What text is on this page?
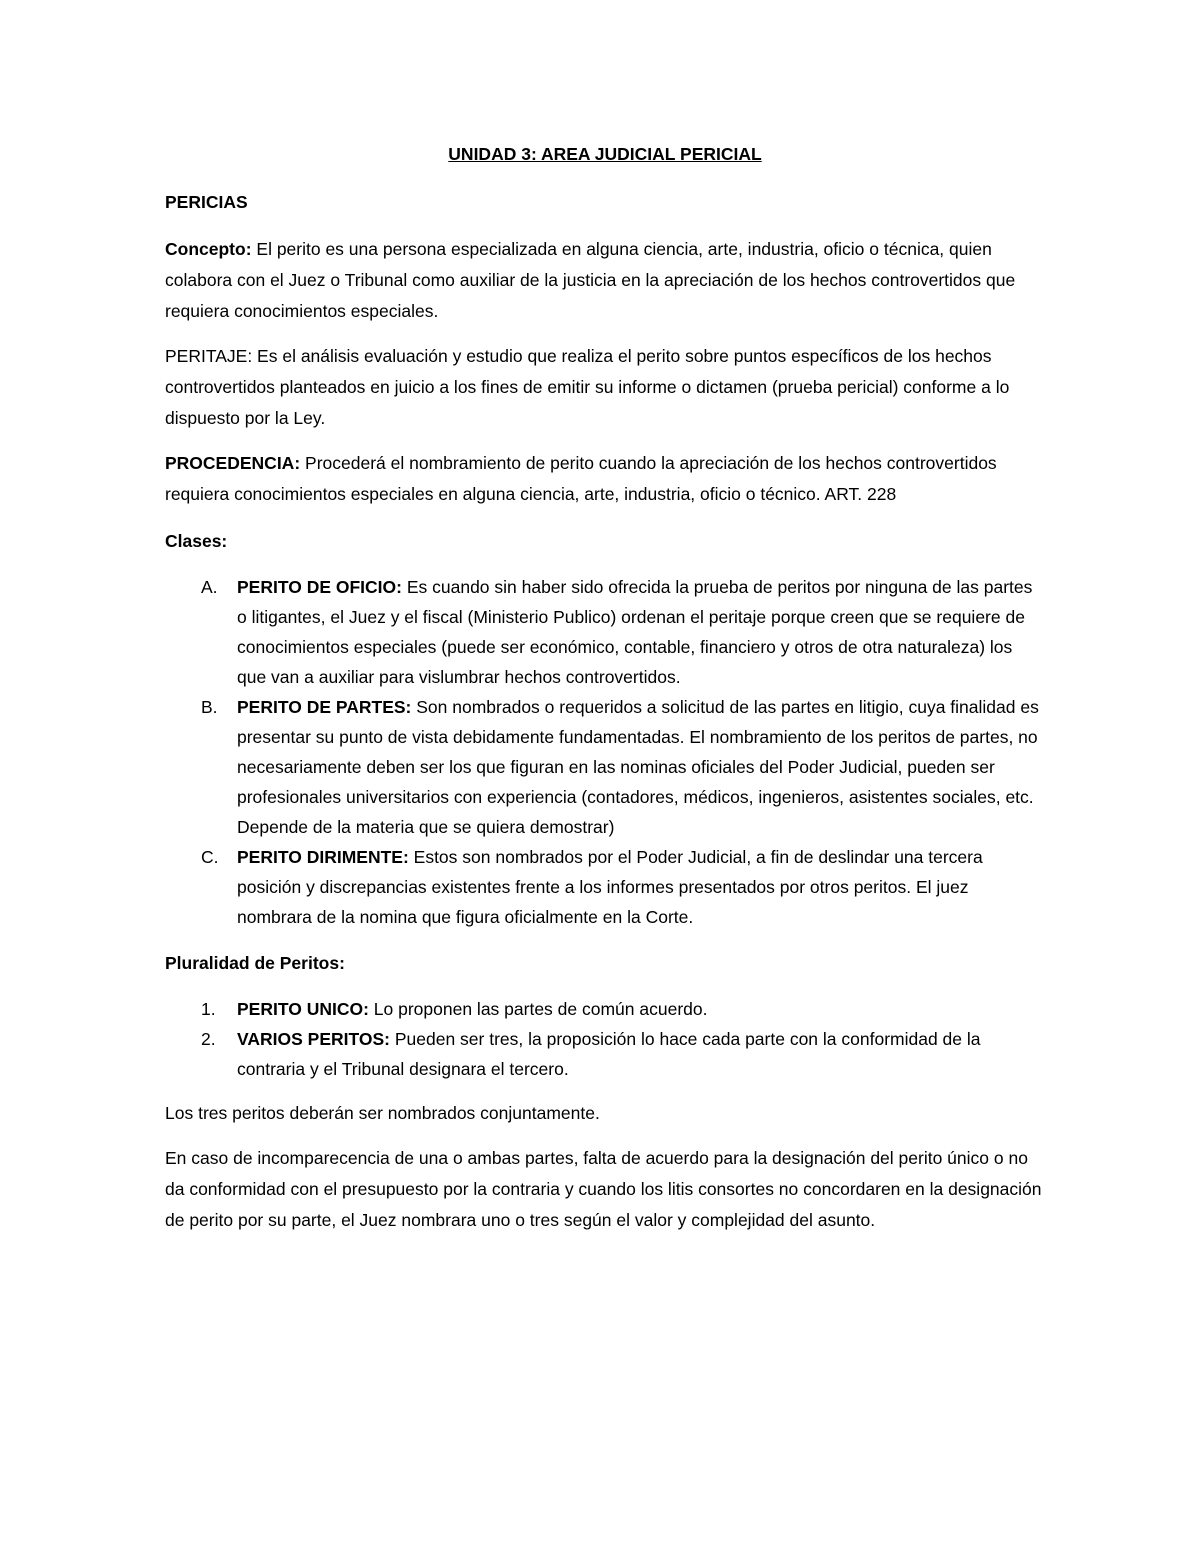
UNIDAD 3: AREA JUDICIAL PERICIAL

PERICIAS

Concepto: El perito es una persona especializada en alguna ciencia, arte, industria, oficio o técnica, quien colabora con el Juez o Tribunal como auxiliar de la justicia en la apreciación de los hechos controvertidos que requiera conocimientos especiales.

PERITAJE: Es el análisis evaluación y estudio que realiza el perito sobre puntos específicos de los hechos controvertidos planteados en juicio a los fines de emitir su informe o dictamen (prueba pericial) conforme a lo dispuesto por la Ley.

PROCEDENCIA: Procederá el nombramiento de perito cuando la apreciación de los hechos controvertidos requiera conocimientos especiales en alguna ciencia, arte, industria, oficio o técnico. ART. 228

Clases:

A. PERITO DE OFICIO: Es cuando sin haber sido ofrecida la prueba de peritos por ninguna de las partes o litigantes, el Juez y el fiscal (Ministerio Publico) ordenan el peritaje porque creen que se requiere de conocimientos especiales (puede ser económico, contable, financiero y otros de otra naturaleza) los que van a auxiliar para vislumbrar hechos controvertidos.
B. PERITO DE PARTES: Son nombrados o requeridos a solicitud de las partes en litigio, cuya finalidad es presentar su punto de vista debidamente fundamentadas. El nombramiento de los peritos de partes, no necesariamente deben ser los que figuran en las nominas oficiales del Poder Judicial, pueden ser profesionales universitarios con experiencia (contadores, médicos, ingenieros, asistentes sociales, etc. Depende de la materia que se quiera demostrar)
C. PERITO DIRIMENTE: Estos son nombrados por el Poder Judicial, a fin de deslindar una tercera posición y discrepancias existentes frente a los informes presentados por otros peritos. El juez nombrara de la nomina que figura oficialmente en la Corte.

Pluralidad de Peritos:

1. PERITO UNICO: Lo proponen las partes de común acuerdo.
2. VARIOS PERITOS: Pueden ser tres, la proposición lo hace cada parte con la conformidad de la contraria y el Tribunal designara el tercero.

Los tres peritos deberán ser nombrados conjuntamente.

En caso de incomparecencia de una o ambas partes, falta de acuerdo para la designación del perito único o no da conformidad con el presupuesto por la contraria y cuando los litis consortes no concordaren en la designación de perito por su parte, el Juez nombrara uno o tres según el valor y complejidad del asunto.
